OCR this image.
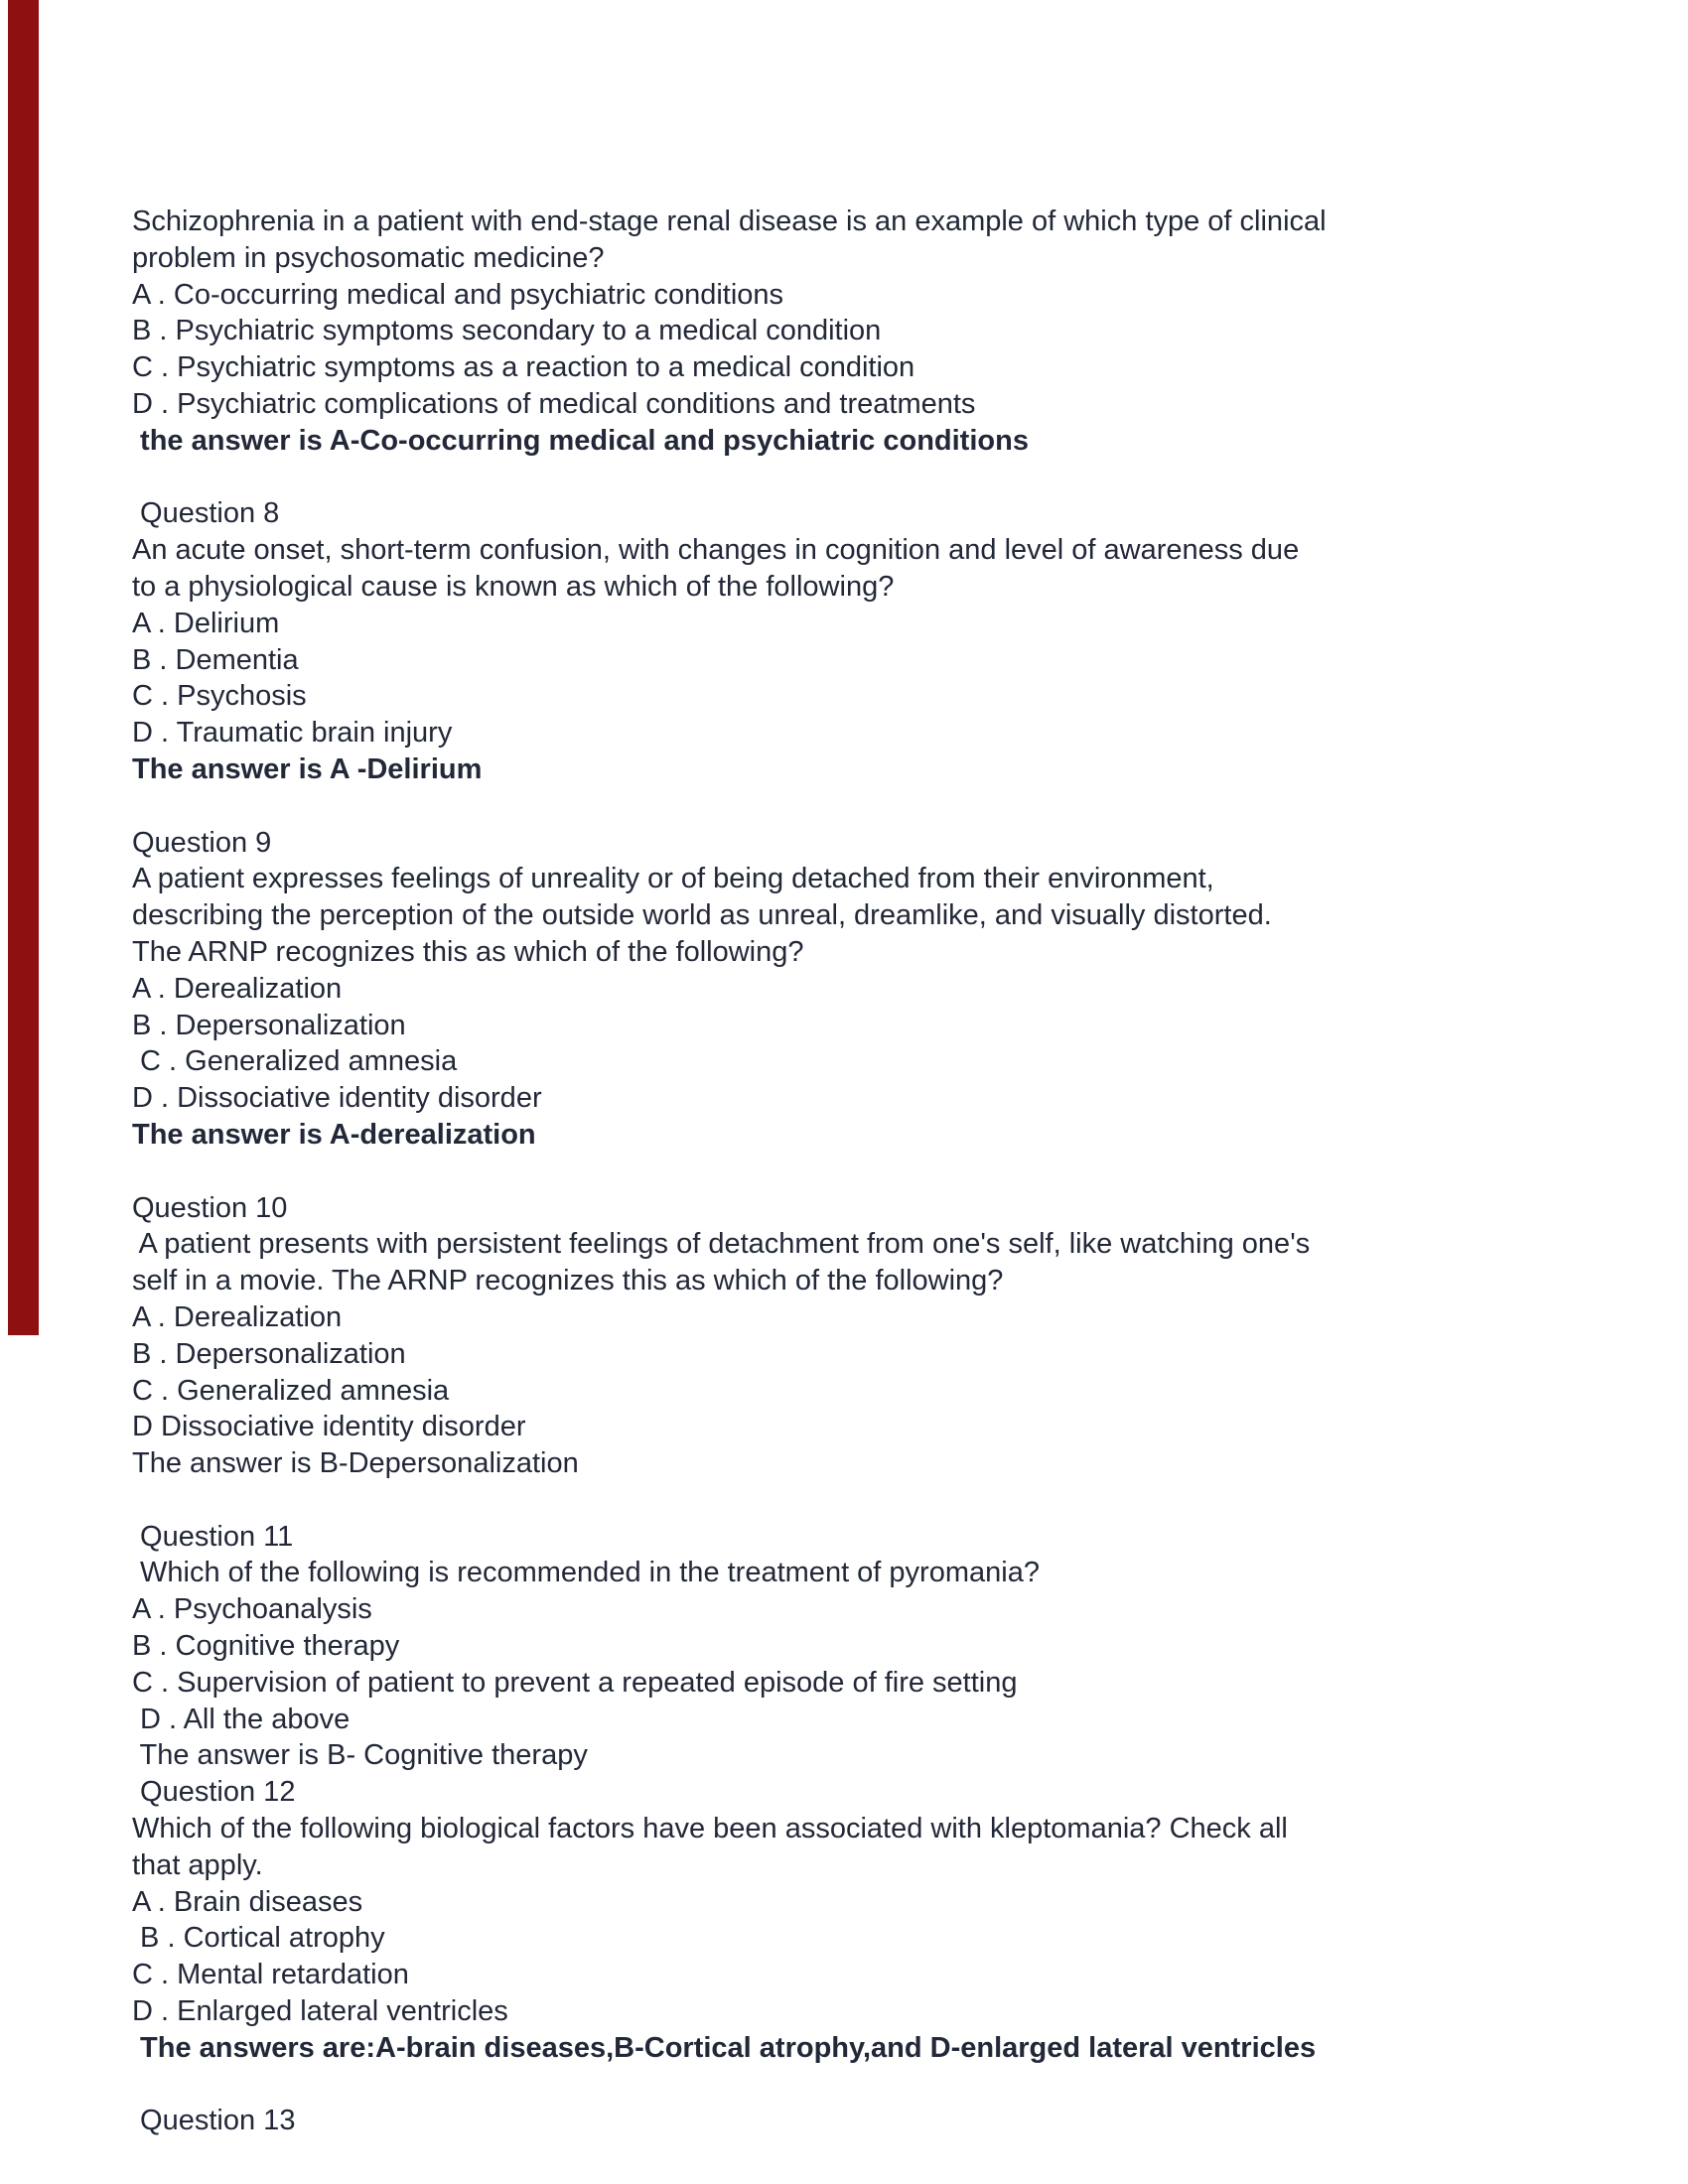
Schizophrenia in a patient with end-stage renal disease is an example of which type of clinical
problem in psychosomatic medicine?
A . Co-occurring medical and psychiatric conditions
B . Psychiatric symptoms secondary to a medical condition
C . Psychiatric symptoms as a reaction to a medical condition
D . Psychiatric complications of medical conditions and treatments
the answer is A-Co-occurring medical and psychiatric conditions

Question 8
An acute onset, short-term confusion, with changes in cognition and level of awareness due
to a physiological cause is known as which of the following?
A . Delirium
B . Dementia
C . Psychosis
D . Traumatic brain injury
The answer is A -Delirium

Question 9
A patient expresses feelings of unreality or of being detached from their environment,
describing the perception of the outside world as unreal, dreamlike, and visually distorted.
The ARNP recognizes this as which of the following?
A . Derealization
B . Depersonalization
C . Generalized amnesia
D . Dissociative identity disorder
The answer is A-derealization

Question 10
A patient presents with persistent feelings of detachment from one's self, like watching one's
self in a movie. The ARNP recognizes this as which of the following?
A . Derealization
B . Depersonalization
C . Generalized amnesia
D Dissociative identity disorder
The answer is B-Depersonalization

Question 11
Which of the following is recommended in the treatment of pyromania?
A . Psychoanalysis
B . Cognitive therapy
C . Supervision of patient to prevent a repeated episode of fire setting
D . All the above
The answer is B- Cognitive therapy
Question 12
Which of the following biological factors have been associated with kleptomania? Check all
that apply.
A . Brain diseases
B . Cortical atrophy
C . Mental retardation
D . Enlarged lateral ventricles
The answers are:A-brain diseases,B-Cortical atrophy,and D-enlarged lateral ventricles

Question 13
